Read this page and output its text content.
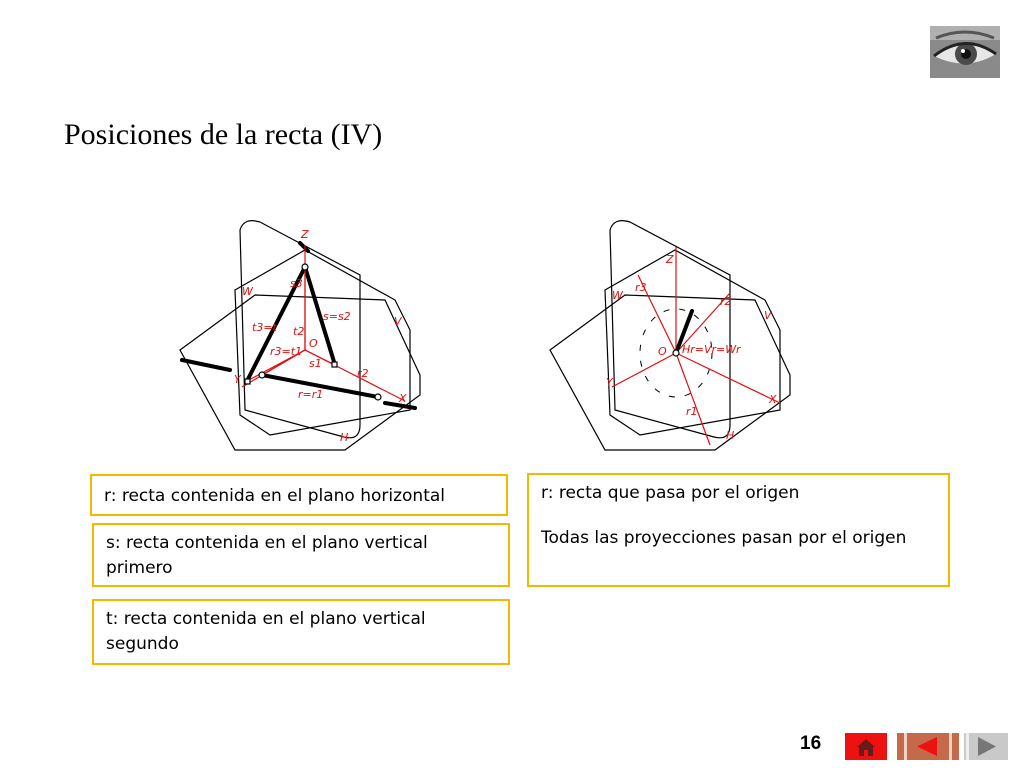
Posiciones de la recta (IV)
Z
W
V
H
X
Y
O
s3
s=s2
t3=t t2
r3=t1
s1
r2
r=r1
Z
W
V
H
X
Y
O
r3
r2
r1
Hr=Vr=Wr
r: recta contenida en el plano horizontal
s: recta contenida en el plano vertical primero
t: recta contenida en el plano vertical segundo

r: recta que pasa por el origen

Todas las proyecciones pasan por el origen

16
